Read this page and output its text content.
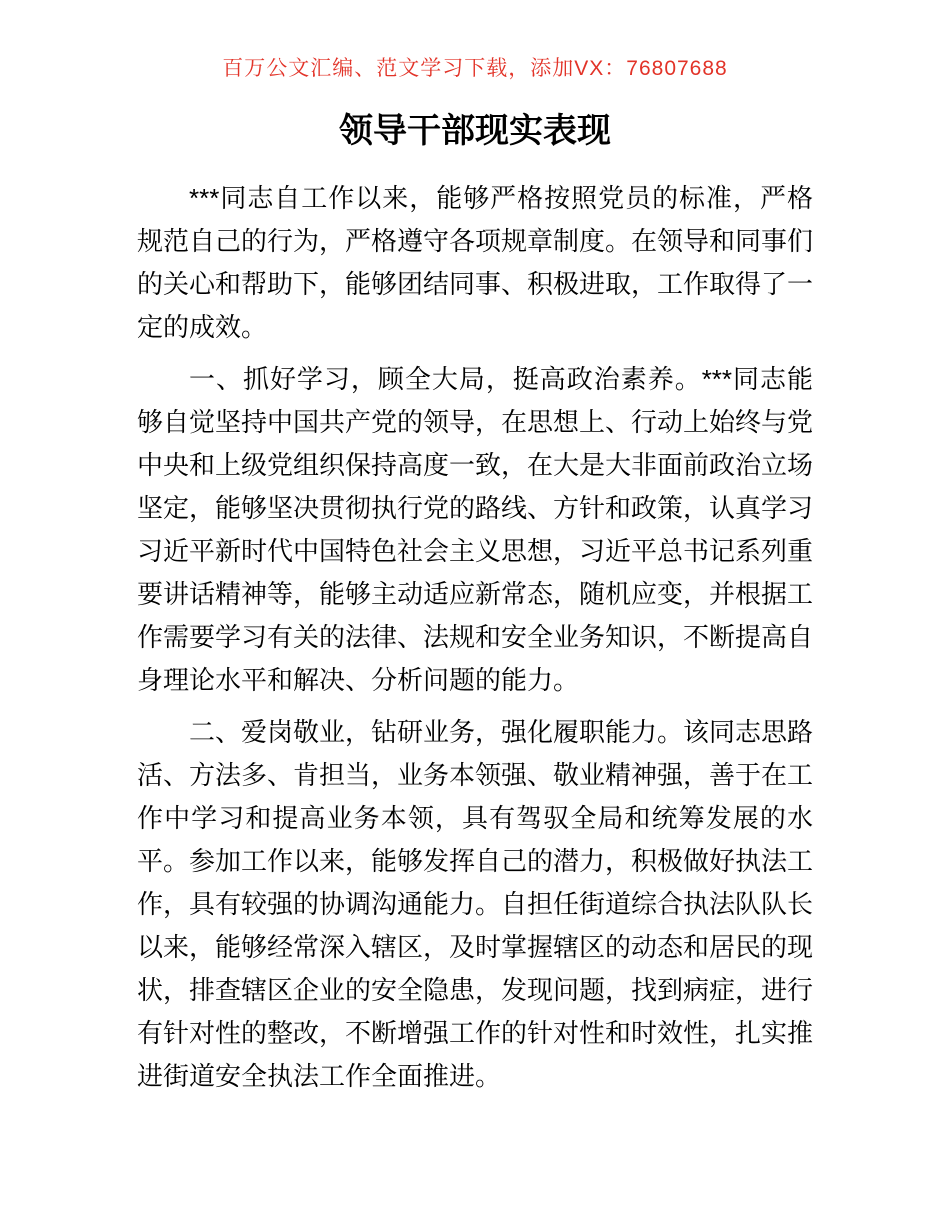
百万公文汇编、范文学习下载，添加VX：76807688
领导干部现实表现

***同志自工作以来，能够严格按照党员的标准，严格规范自己的行为，严格遵守各项规章制度。在领导和同事们的关心和帮助下，能够团结同事、积极进取，工作取得了一定的成效。

一、抓好学习，顾全大局，挺高政治素养。***同志能够自觉坚持中国共产党的领导，在思想上、行动上始终与党中央和上级党组织保持高度一致，在大是大非面前政治立场坚定，能够坚决贯彻执行党的路线、方针和政策，认真学习习近平新时代中国特色社会主义思想，习近平总书记系列重要讲话精神等，能够主动适应新常态，随机应变，并根据工作需要学习有关的法律、法规和安全业务知识，不断提高自身理论水平和解决、分析问题的能力。

二、爱岗敬业，钻研业务，强化履职能力。该同志思路活、方法多、肯担当，业务本领强、敬业精神强，善于在工作中学习和提高业务本领，具有驾驭全局和统筹发展的水平。参加工作以来，能够发挥自己的潜力，积极做好执法工作，具有较强的协调沟通能力。自担任街道综合执法队队长以来，能够经常深入辖区，及时掌握辖区的动态和居民的现状，排查辖区企业的安全隐患，发现问题，找到病症，进行有针对性的整改，不断增强工作的针对性和时效性，扎实推进街道安全执法工作全面推进。
